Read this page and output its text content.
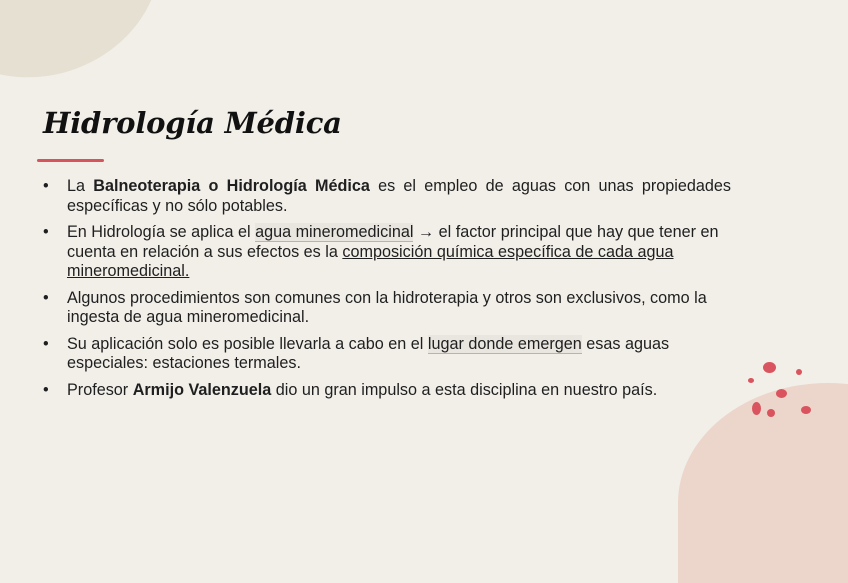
Hidrología Médica
• La Balneoterapia o Hidrología Médica es el empleo de aguas con unas propiedades específicas y no sólo potables.
• En Hidrología se aplica el agua mineromedicinal → el factor principal que hay que tener en cuenta en relación a sus efectos es la composición química específica de cada agua mineromedicinal.
• Algunos procedimientos son comunes con la hidroterapia y otros son exclusivos, como la ingesta de agua mineromedicinal.
• Su aplicación solo es posible llevarla a cabo en el lugar donde emergen esas aguas especiales: estaciones termales.
• Profesor Armijo Valenzuela dio un gran impulso a esta disciplina en nuestro país.
